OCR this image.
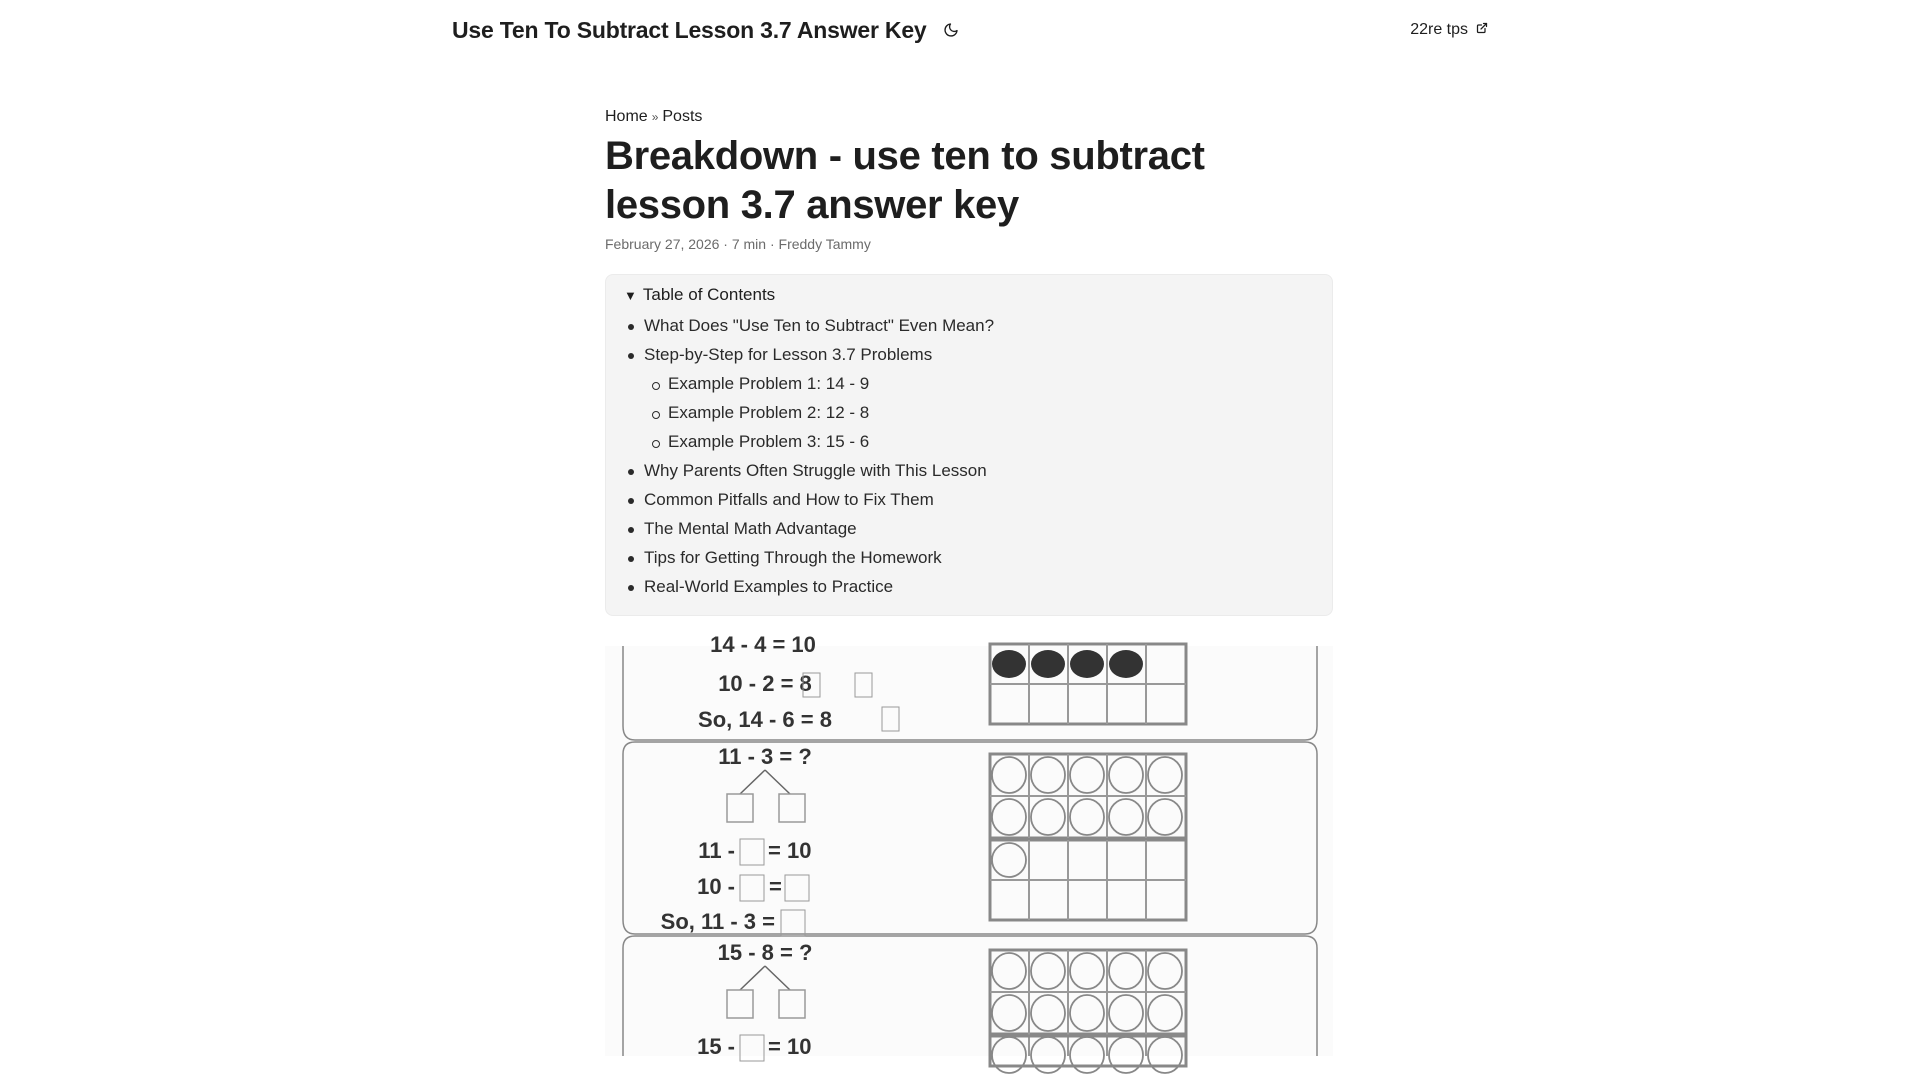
Use Ten To Subtract Lesson 3.7 Answer Key	22re tps
Home » Posts
Breakdown - use ten to subtract lesson 3.7 answer key
February 27, 2026 · 7 min · Freddy Tammy
▼ Table of Contents
What Does "Use Ten to Subtract" Even Mean?
Step-by-Step for Lesson 3.7 Problems
Example Problem 1: 14 - 9
Example Problem 2: 12 - 8
Example Problem 3: 15 - 6
Why Parents Often Struggle with This Lesson
Common Pitfalls and How to Fix Them
The Mental Math Advantage
Tips for Getting Through the Homework
Real-World Examples to Practice
14 - 4 = 10
10 - 2 = 8
So, 14 - 6 = 8
11 - 3 = ?
11 - = 10
10 - =
So, 11 - 3 =
15 - 8 = ?
15 - = 10
